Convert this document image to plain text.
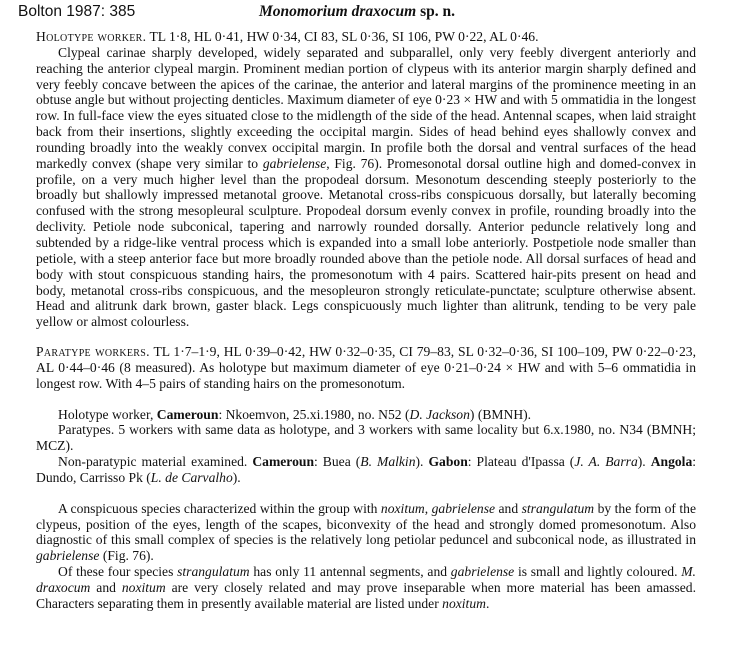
Bolton 1987: 385	Monomorium draxocum sp. n.

Holotype worker. TL 1·8, HL 0·41, HW 0·34, CI 83, SL 0·36, SI 106, PW 0·22, AL 0·46.

Clypeal carinae sharply developed, widely separated and subparallel, only very feebly divergent anteriorly and reaching the anterior clypeal margin. Prominent median portion of clypeus with its anterior margin sharply defined and very feebly concave between the apices of the carinae, the anterior and lateral margins of the prominence meeting in an obtuse angle but without projecting denticles. Maximum diameter of eye 0·23 × HW and with 5 ommatidia in the longest row. In full-face view the eyes situated close to the midlength of the side of the head. Antennal scapes, when laid straight back from their insertions, slightly exceeding the occipital margin. Sides of head behind eyes shallowly convex and rounding broadly into the weakly convex occipital margin. In profile both the dorsal and ventral surfaces of the head markedly convex (shape very similar to gabrielense, Fig. 76). Promesonotal dorsal outline high and domed-convex in profile, on a very much higher level than the propodeal dorsum. Mesonotum descending steeply posteriorly to the broadly but shallowly impressed metanotal groove. Metanotal cross-ribs conspicuous dorsally, but laterally becoming confused with the strong mesopleural sculpture. Propodeal dorsum evenly convex in profile, rounding broadly into the declivity. Petiole node subconical, tapering and narrowly rounded dorsally. Anterior peduncle relatively long and subtended by a ridge-like ventral process which is expanded into a small lobe anteriorly. Postpetiole node smaller than petiole, with a steep anterior face but more broadly rounded above than the petiole node. All dorsal surfaces of head and body with stout conspicuous standing hairs, the promesonotum with 4 pairs. Scattered hair-pits present on head and body, metanotal cross-ribs conspicuous, and the mesopleuron strongly reticulate-punctate; sculpture otherwise absent. Head and alitrunk dark brown, gaster black. Legs conspicuously much lighter than alitrunk, tending to be very pale yellow or almost colourless.

Paratype workers. TL 1·7–1·9, HL 0·39–0·42, HW 0·32–0·35, CI 79–83, SL 0·32–0·36, SI 100–109, PW 0·22–0·23, AL 0·44–0·46 (8 measured). As holotype but maximum diameter of eye 0·21–0·24 × HW and with 5–6 ommatidia in longest row. With 4–5 pairs of standing hairs on the promesonotum.

Holotype worker, Cameroun: Nkoemvon, 25.xi.1980, no. N52 (D. Jackson) (BMNH).

Paratypes. 5 workers with same data as holotype, and 3 workers with same locality but 6.x.1980, no. N34 (BMNH; MCZ).

Non-paratypic material examined. Cameroun: Buea (B. Malkin). Gabon: Plateau d'Ipassa (J. A. Barra). Angola: Dundo, Carrisso Pk (L. de Carvalho).

A conspicuous species characterized within the group with noxitum, gabrielense and strangulatum by the form of the clypeus, position of the eyes, length of the scapes, biconvexity of the head and strongly domed promesonotum. Also diagnostic of this small complex of species is the relatively long petiolar peduncel and subconical node, as illustrated in gabrielense (Fig. 76).

Of these four species strangulatum has only 11 antennal segments, and gabrielense is small and lightly coloured. M. draxocum and noxitum are very closely related and may prove inseparable when more material has been amassed. Characters separating them in presently available material are listed under noxitum.
